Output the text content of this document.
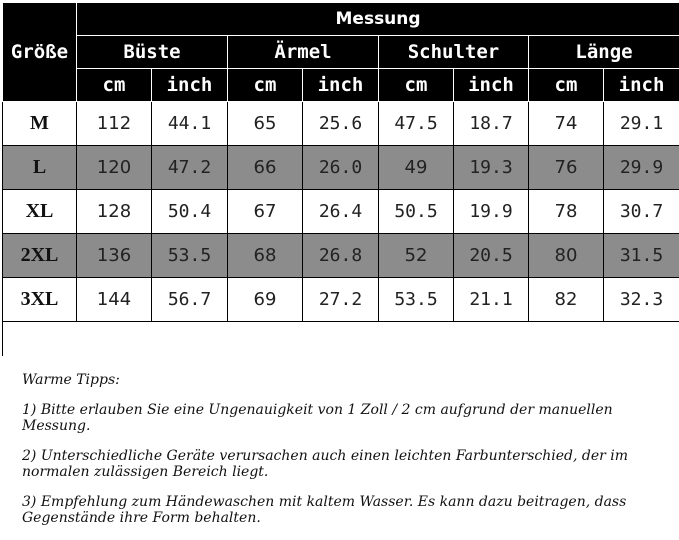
Größe	Messung							
	Büste		Ärmel		Schulter		Länge	
	cm	inch	cm	inch	cm	inch	cm	inch
M	112	44.1	65	25.6	47.5	18.7	74	29.1
L	120	47.2	66	26.0	49	19.3	76	29.9
XL	128	50.4	67	26.4	50.5	19.9	78	30.7
2XL	136	53.5	68	26.8	52	20.5	80	31.5
3XL	144	56.7	69	27.2	53.5	21.1	82	32.3

Warme Tipps:

1) Bitte erlauben Sie eine Ungenauigkeit von 1 Zoll / 2 cm aufgrund der manuellen Messung.

2) Unterschiedliche Geräte verursachen auch einen leichten Farbunterschied, der im normalen zulässigen Bereich liegt.

3) Empfehlung zum Händewaschen mit kaltem Wasser. Es kann dazu beitragen, dass Gegenstände ihre Form behalten.
